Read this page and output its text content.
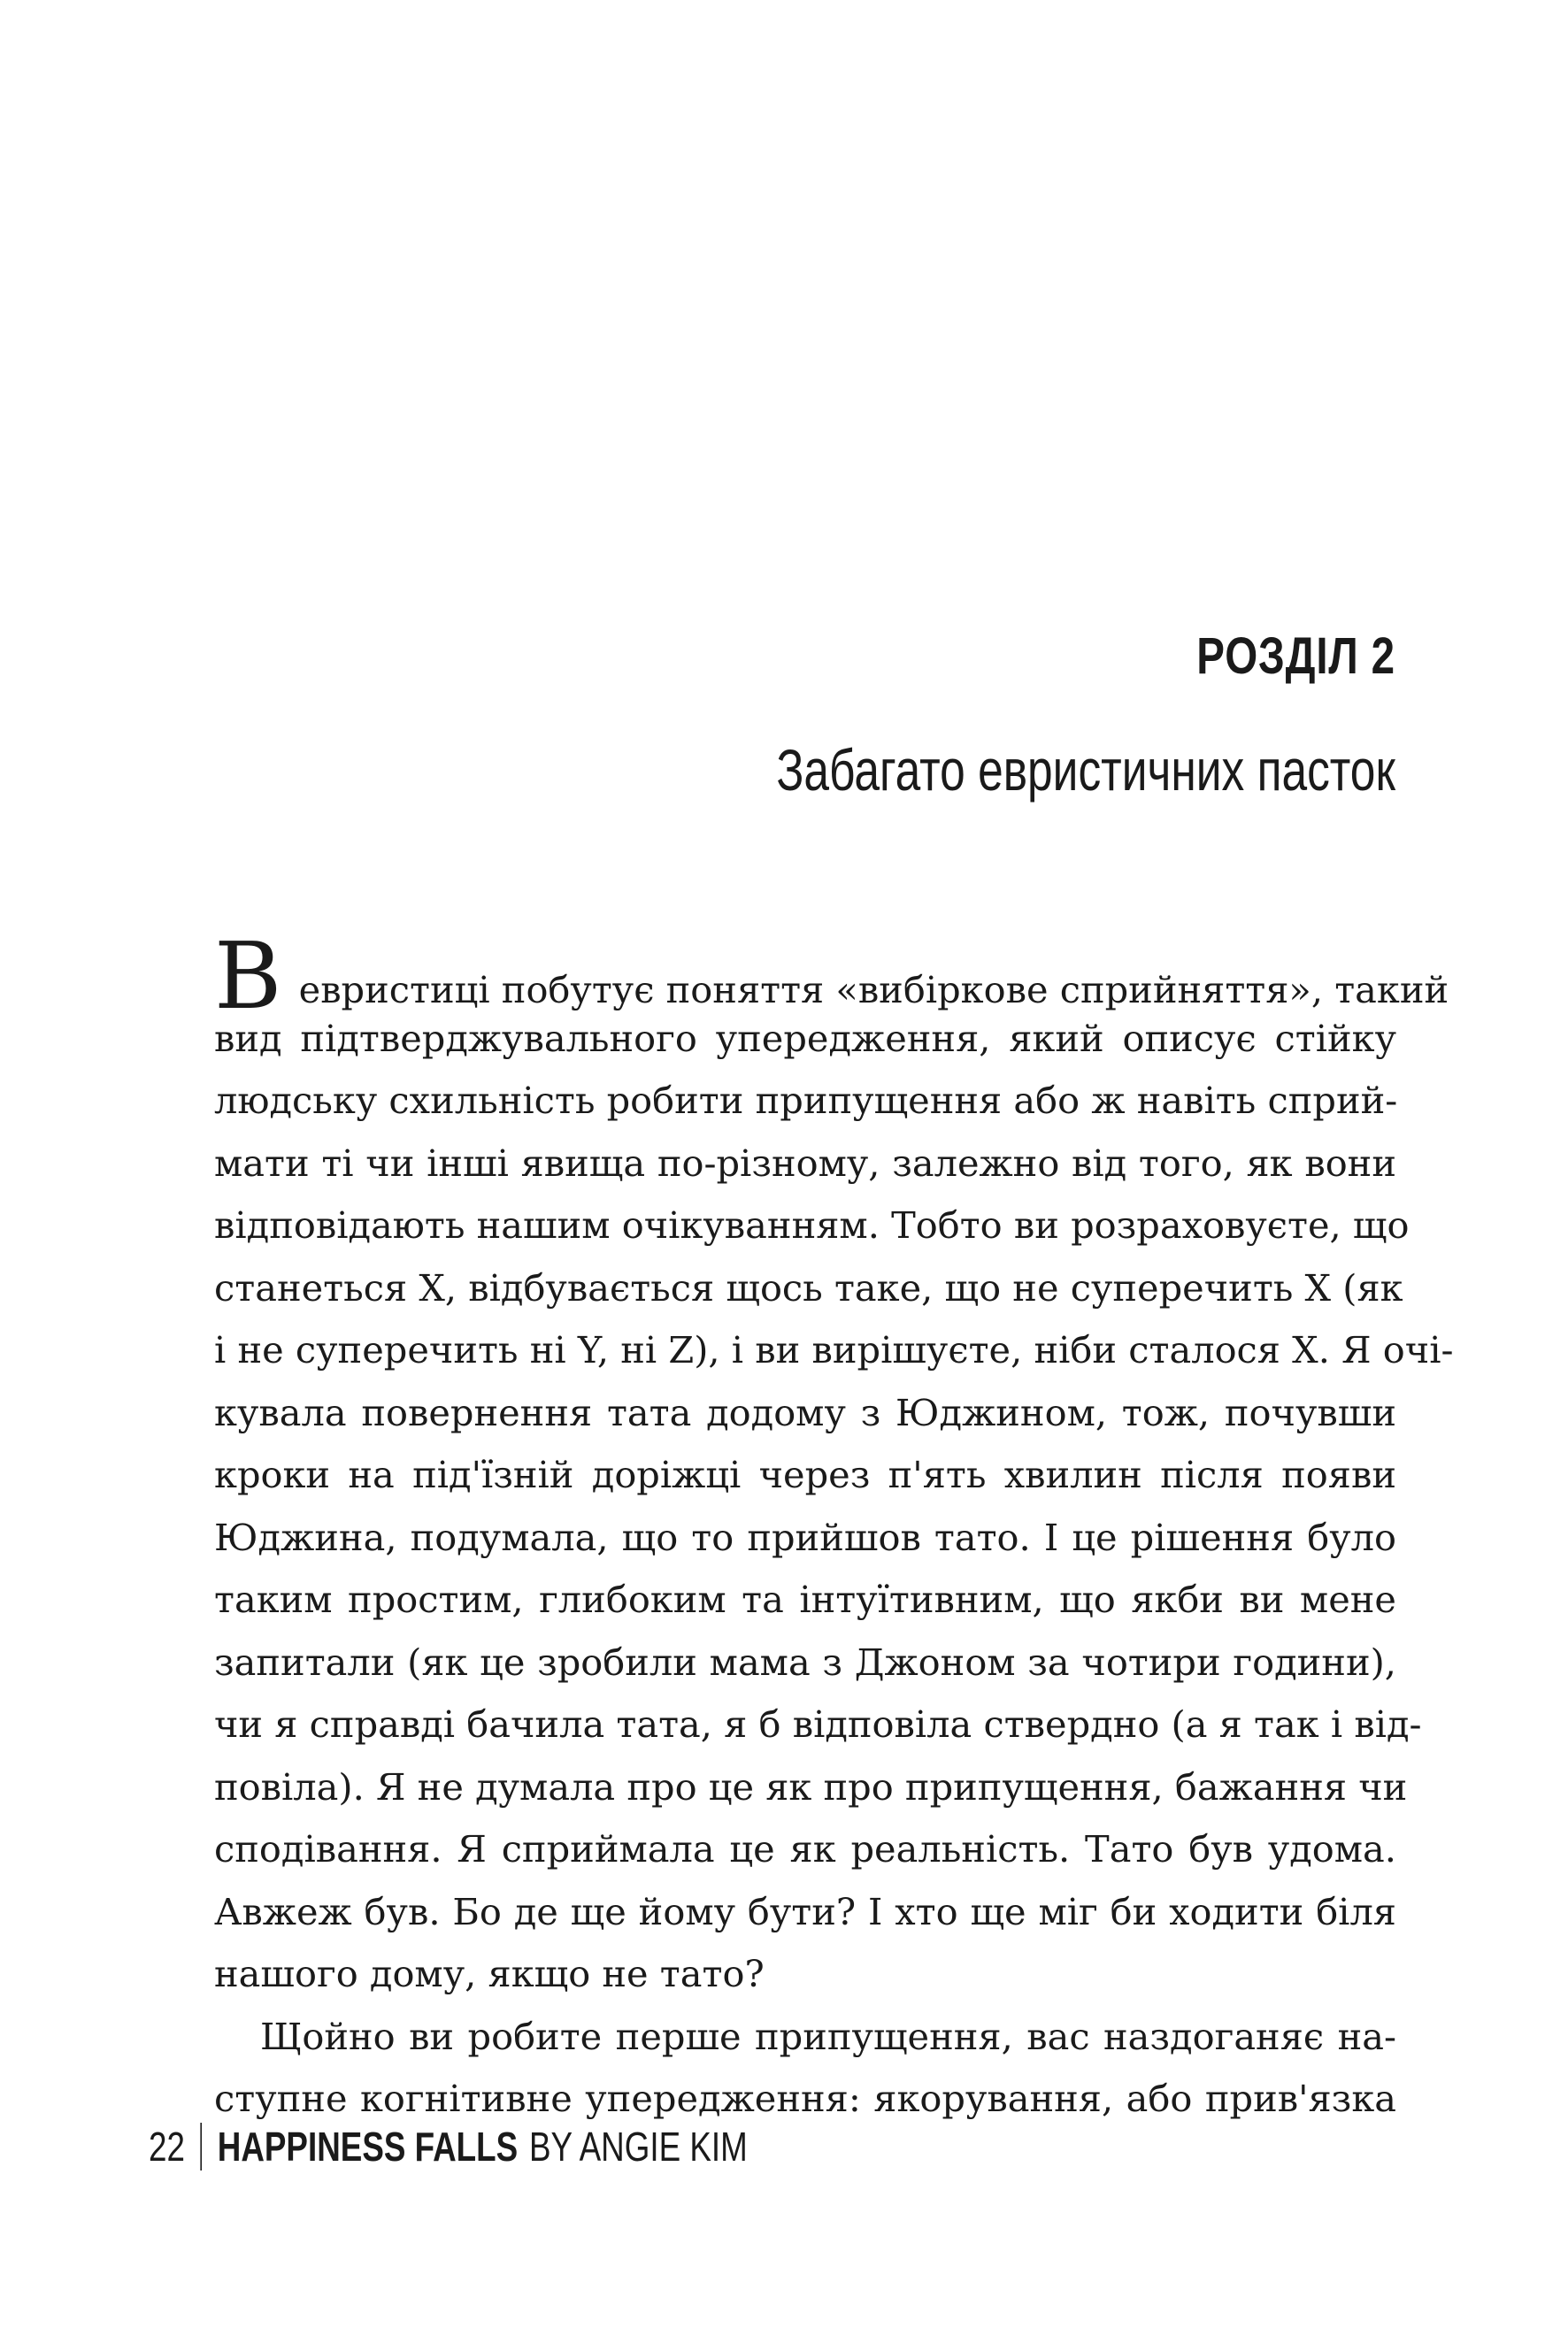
РОЗДІЛ 2
Забагато евристичних пасток
В евристиці побутує поняття «вибіркове сприйняття», такий
вид підтверджувального упередження, який описує стійку
людську схильність робити припущення або ж навіть сприй-
мати ті чи інші явища по-різному, залежно від того, як вони
відповідають нашим очікуванням. Тобто ви розраховуєте, що
станеться X, відбувається щось таке, що не суперечить X (як
і не суперечить ні Y, ні Z), і ви вирішуєте, ніби сталося X. Я очі-
кувала повернення тата додому з Юджином, тож, почувши
кроки на під'їзній доріжці через п'ять хвилин після появи
Юджина, подумала, що то прийшов тато. І це рішення було
таким простим, глибоким та інтуїтивним, що якби ви мене
запитали (як це зробили мама з Джоном за чотири години),
чи я справді бачила тата, я б відповіла ствердно (а я так і від-
повіла). Я не думала про це як про припущення, бажання чи
сподівання. Я сприймала це як реальність. Тато був удома.
Авжеж був. Бо де ще йому бути? І хто ще міг би ходити біля
нашого дому, якщо не тато?
Щойно ви робите перше припущення, вас наздоганяє на-
ступне когнітивне упередження: якорування, або прив'язка
22 HAPPINESS FALLS BY ANGIE KIM
